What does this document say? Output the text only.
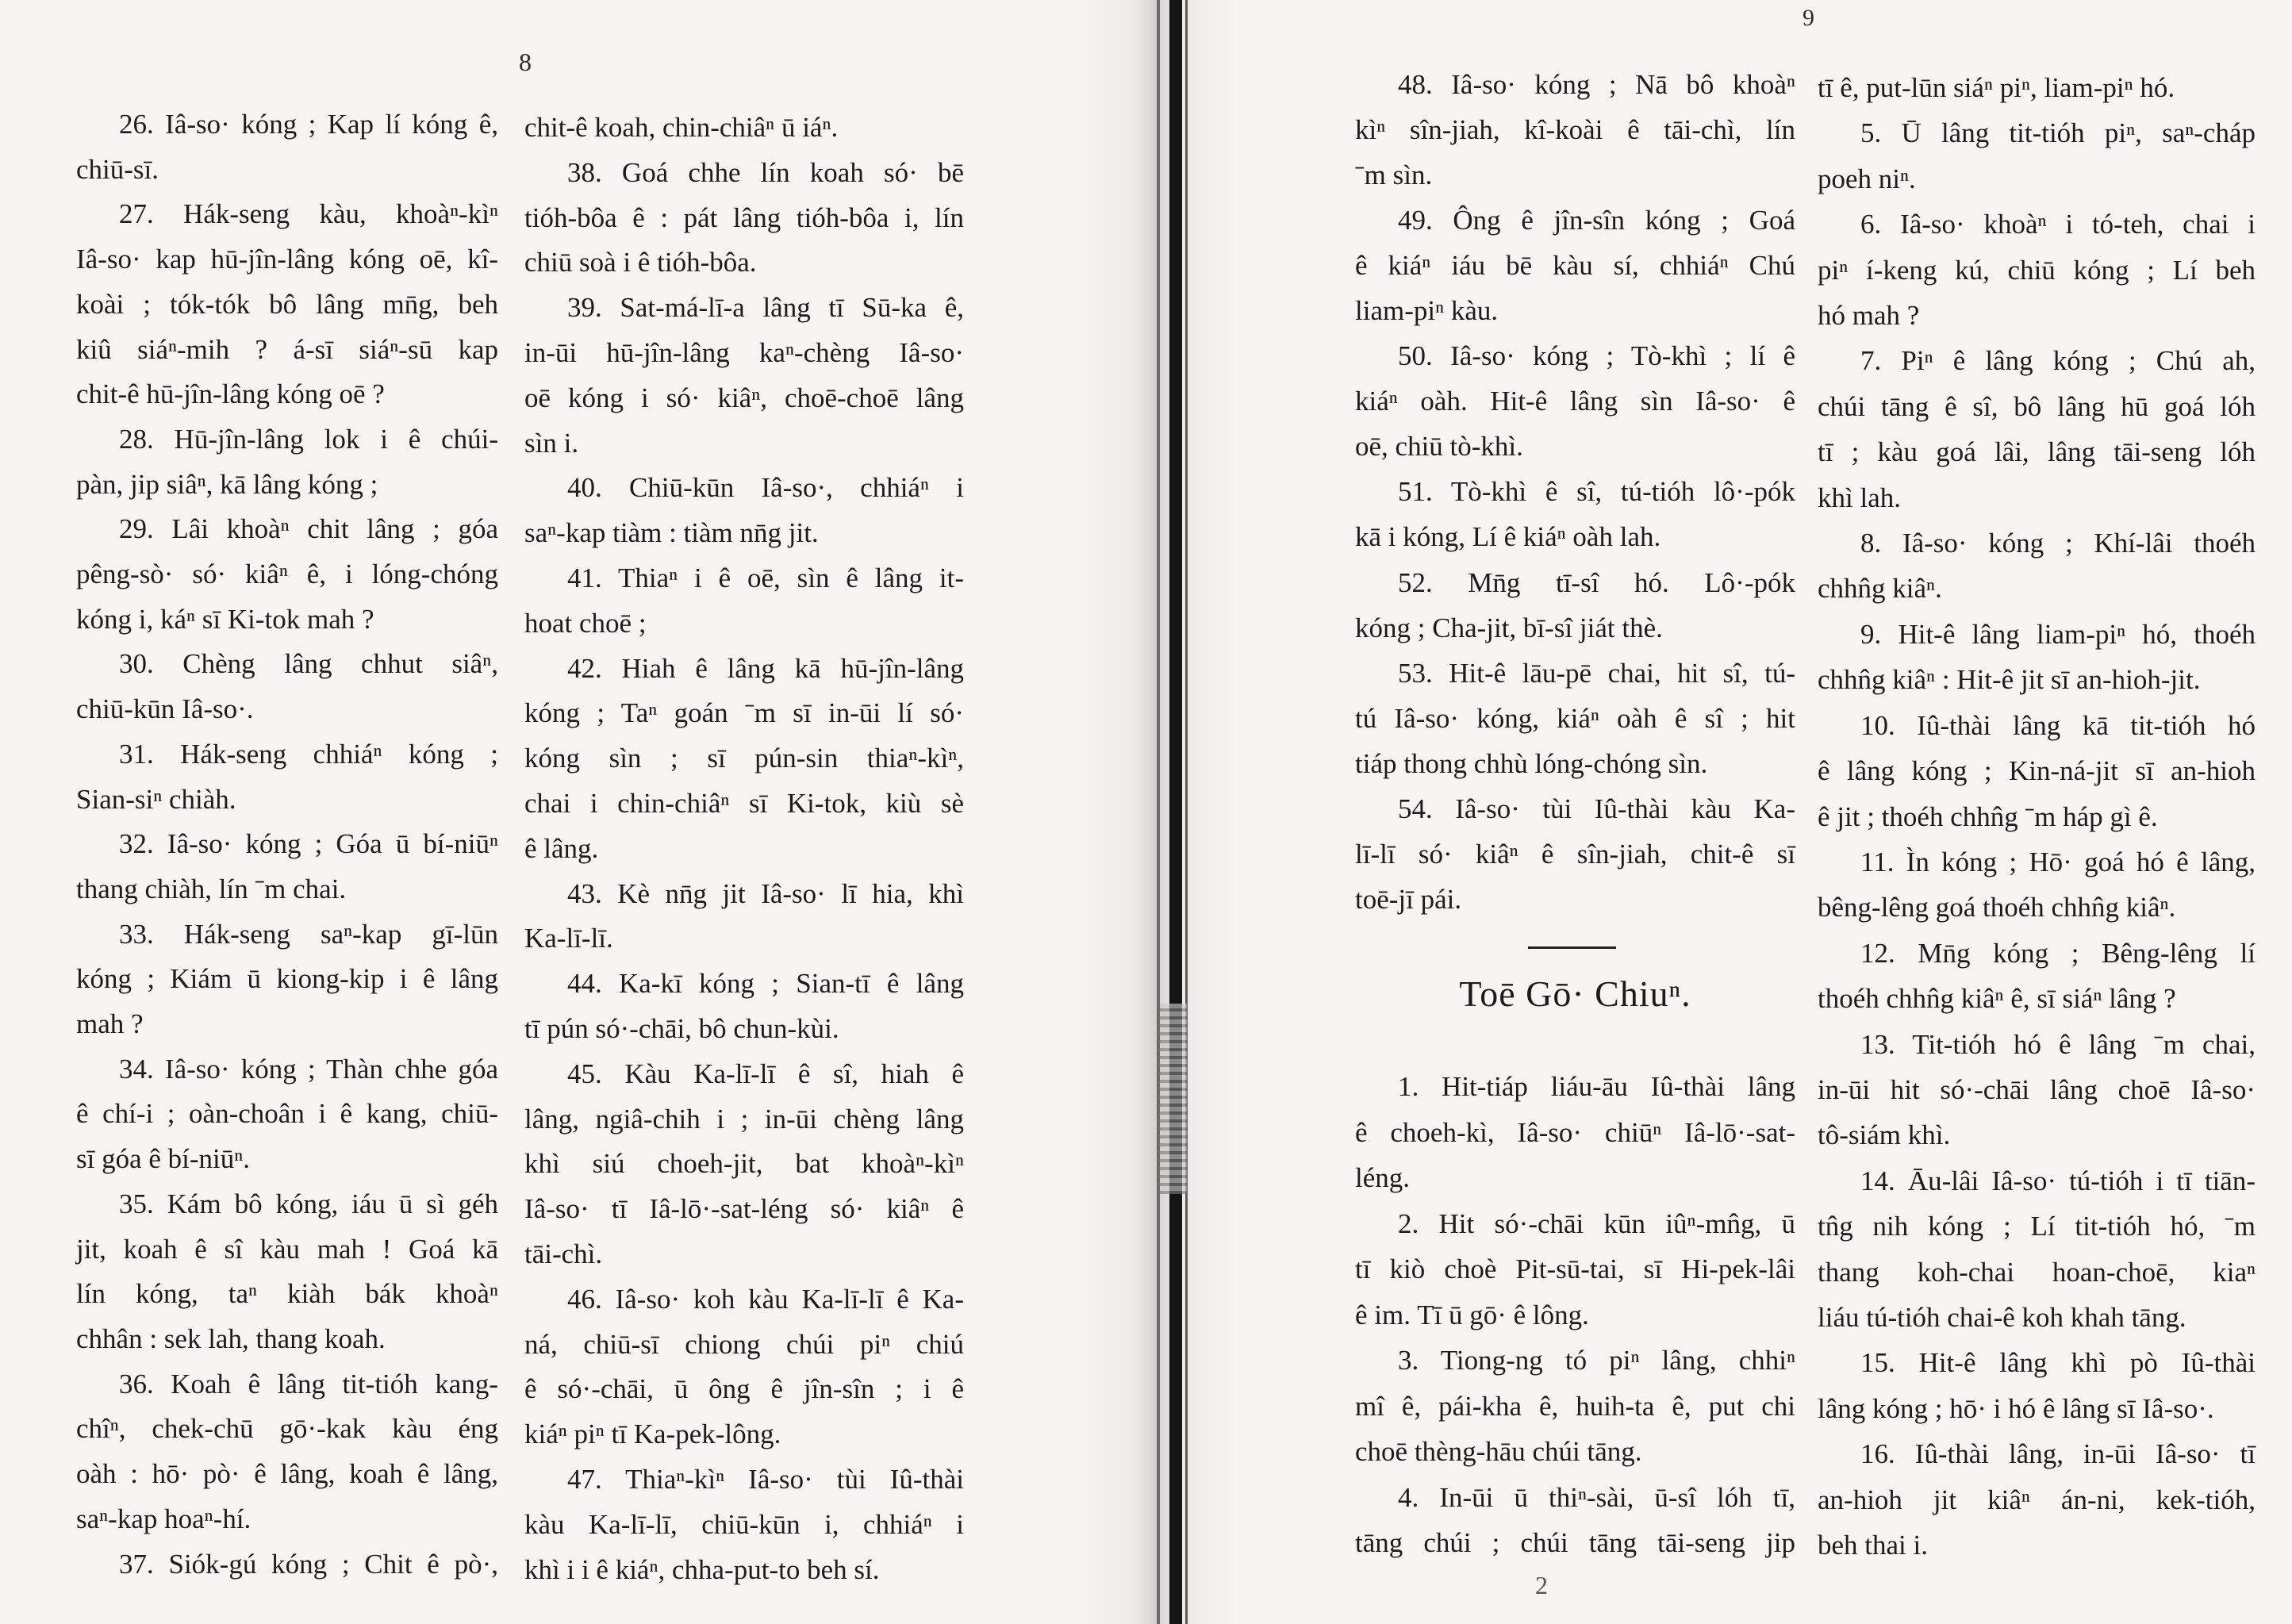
8
26. Iâ-so· kóng ; Kap lí kóng ê,
chiū-sī.
27. Hák-seng kàu, khoàⁿ-kìⁿ
Iâ-so· kap hū-jîn-lâng kóng oē, kî-
koài ; tók-tók bô lâng mn̄g, beh
kiû siáⁿ-mih ? á-sī siáⁿ-sū kap
chit-ê hū-jîn-lâng kóng oē ?
28. Hū-jîn-lâng lok i ê chúi-
pàn, jip siâⁿ, kā lâng kóng ;
29. Lâi khoàⁿ chit lâng ; góa
pêng-sò· só· kiâⁿ ê, i lóng-chóng
kóng i, káⁿ sī Ki-tok mah ?
30. Chèng lâng chhut siâⁿ,
chiū-kūn Iâ-so·.
31. Hák-seng chhiáⁿ kóng ;
Sian-siⁿ chiàh.
32. Iâ-so· kóng ; Góa ū bí-niūⁿ
thang chiàh, lín ˉm chai.
33. Hák-seng saⁿ-kap gī-lūn
kóng ; Kiám ū kiong-kip i ê lâng
mah ?
34. Iâ-so· kóng ; Thàn chhe góa
ê chí-i ; oàn-choân i ê kang, chiū-
sī góa ê bí-niūⁿ.
35. Kám bô kóng, iáu ū sì géh
jit, koah ê sî kàu mah ! Goá kā
lín kóng, taⁿ kiàh bák khoàⁿ
chhân : sek lah, thang koah.
36. Koah ê lâng tit-tióh kang-
chîⁿ, chek-chū gō·-kak kàu éng
oàh : hō· pò· ê lâng, koah ê lâng,
saⁿ-kap hoaⁿ-hí.
37. Siók-gú kóng ; Chit ê pò·,
chit-ê koah, chin-chiâⁿ ū iáⁿ.
38. Goá chhe lín koah só· bē
tióh-bôa ê : pát lâng tióh-bôa i, lín
chiū soà i ê tióh-bôa.
39. Sat-má-lī-a lâng tī Sū-ka ê,
in-ūi hū-jîn-lâng kaⁿ-chèng Iâ-so·
oē kóng i só· kiâⁿ, choē-choē lâng
sìn i.
40. Chiū-kūn Iâ-so·, chhiáⁿ i
saⁿ-kap tiàm : tiàm nn̄g jit.
41. Thiaⁿ i ê oē, sìn ê lâng it-
hoat choē ;
42. Hiah ê lâng kā hū-jîn-lâng
kóng ; Taⁿ goán ˉm sī in-ūi lí só·
kóng sìn ; sī pún-sin thiaⁿ-kìⁿ,
chai i chin-chiâⁿ sī Ki-tok, kiù sè
ê lâng.
43. Kè nn̄g jit Iâ-so· lī hia, khì
Ka-lī-lī.
44. Ka-kī kóng ; Sian-tī ê lâng
tī pún só·-chāi, bô chun-kùi.
45. Kàu Ka-lī-lī ê sî, hiah ê
lâng, ngiâ-chih i ; in-ūi chèng lâng
khì siú choeh-jit, bat khoàⁿ-kìⁿ
Iâ-so· tī Iâ-lō·-sat-léng só· kiâⁿ ê
tāi-chì.
46. Iâ-so· koh kàu Ka-lī-lī ê Ka-
ná, chiū-sī chiong chúi piⁿ chiú
ê só·-chāi, ū ông ê jîn-sîn ; i ê
kiáⁿ piⁿ tī Ka-pek-lông.
47. Thiaⁿ-kìⁿ Iâ-so· tùi Iû-thài
kàu Ka-lī-lī, chiū-kūn i, chhiáⁿ i
khì i i ê kiáⁿ, chha-put-to beh sí.
9
48. Iâ-so· kóng ; Nā bô khoàⁿ
kìⁿ sîn-jiah, kî-koài ê tāi-chì, lín
ˉm sìn.
49. Ông ê jîn-sîn kóng ; Goá
ê kiáⁿ iáu bē kàu sí, chhiáⁿ Chú
liam-piⁿ kàu.
50. Iâ-so· kóng ; Tò-khì ; lí ê
kiáⁿ oàh. Hit-ê lâng sìn Iâ-so· ê
oē, chiū tò-khì.
51. Tò-khì ê sî, tú-tióh lô·-pók
kā i kóng, Lí ê kiáⁿ oàh lah.
52. Mn̄g tī-sî hó. Lô·-pók
kóng ; Cha-jit, bī-sî jiát thè.
53. Hit-ê lāu-pē chai, hit sî, tú-
tú Iâ-so· kóng, kiáⁿ oàh ê sî ; hit
tiáp thong chhù lóng-chóng sìn.
54. Iâ-so· tùi Iû-thài kàu Ka-
lī-lī só· kiâⁿ ê sîn-jiah, chit-ê sī
toē-jī pái.
Toē Gō· Chiuⁿ.
1. Hit-tiáp liáu-āu Iû-thài lâng
ê choeh-kì, Iâ-so· chiūⁿ Iâ-lō·-sat-
léng.
2. Hit só·-chāi kūn iûⁿ-mn̂g, ū
tī kiò choè Pit-sū-tai, sī Hi-pek-lâi
ê im. Tī ū gō· ê lông.
3. Tiong-ng tó piⁿ lâng, chhiⁿ
mî ê, pái-kha ê, huih-ta ê, put chi
choē thèng-hāu chúi tāng.
4. In-ūi ū thiⁿ-sài, ū-sî lóh tī,
tāng chúi ; chúi tāng tāi-seng jip
tī ê, put-lūn siáⁿ piⁿ, liam-piⁿ hó.
5. Ū lâng tit-tióh piⁿ, saⁿ-cháp
poeh niⁿ.
6. Iâ-so· khoàⁿ i tó-teh, chai i
piⁿ í-keng kú, chiū kóng ; Lí beh
hó mah ?
7. Piⁿ ê lâng kóng ; Chú ah,
chúi tāng ê sî, bô lâng hū goá lóh
tī ; kàu goá lâi, lâng tāi-seng lóh
khì lah.
8. Iâ-so· kóng ; Khí-lâi thoéh
chhn̂g kiâⁿ.
9. Hit-ê lâng liam-piⁿ hó, thoéh
chhn̂g kiâⁿ : Hit-ê jit sī an-hioh-jit.
10. Iû-thài lâng kā tit-tióh hó
ê lâng kóng ; Kin-ná-jit sī an-hioh
ê jit ; thoéh chhn̂g ˉm háp gì ê.
11. Ìn kóng ; Hō· goá hó ê lâng,
bêng-lêng goá thoéh chhn̂g kiâⁿ.
12. Mn̄g kóng ; Bêng-lêng lí
thoéh chhn̂g kiâⁿ ê, sī siáⁿ lâng ?
13. Tit-tióh hó ê lâng ˉm chai,
in-ūi hit só·-chāi lâng choē Iâ-so·
tô-siám khì.
14. Āu-lâi Iâ-so· tú-tióh i tī tiān-
tn̂g nih kóng ; Lí tit-tióh hó, ˉm
thang koh-chai hoan-choē, kiaⁿ
liáu tú-tióh chai-ê koh khah tāng.
15. Hit-ê lâng khì pò Iû-thài
lâng kóng ; hō· i hó ê lâng sī Iâ-so·.
16. Iû-thài lâng, in-ūi Iâ-so· tī
an-hioh jit kiâⁿ án-ni, kek-tióh,
beh thai i.
2
